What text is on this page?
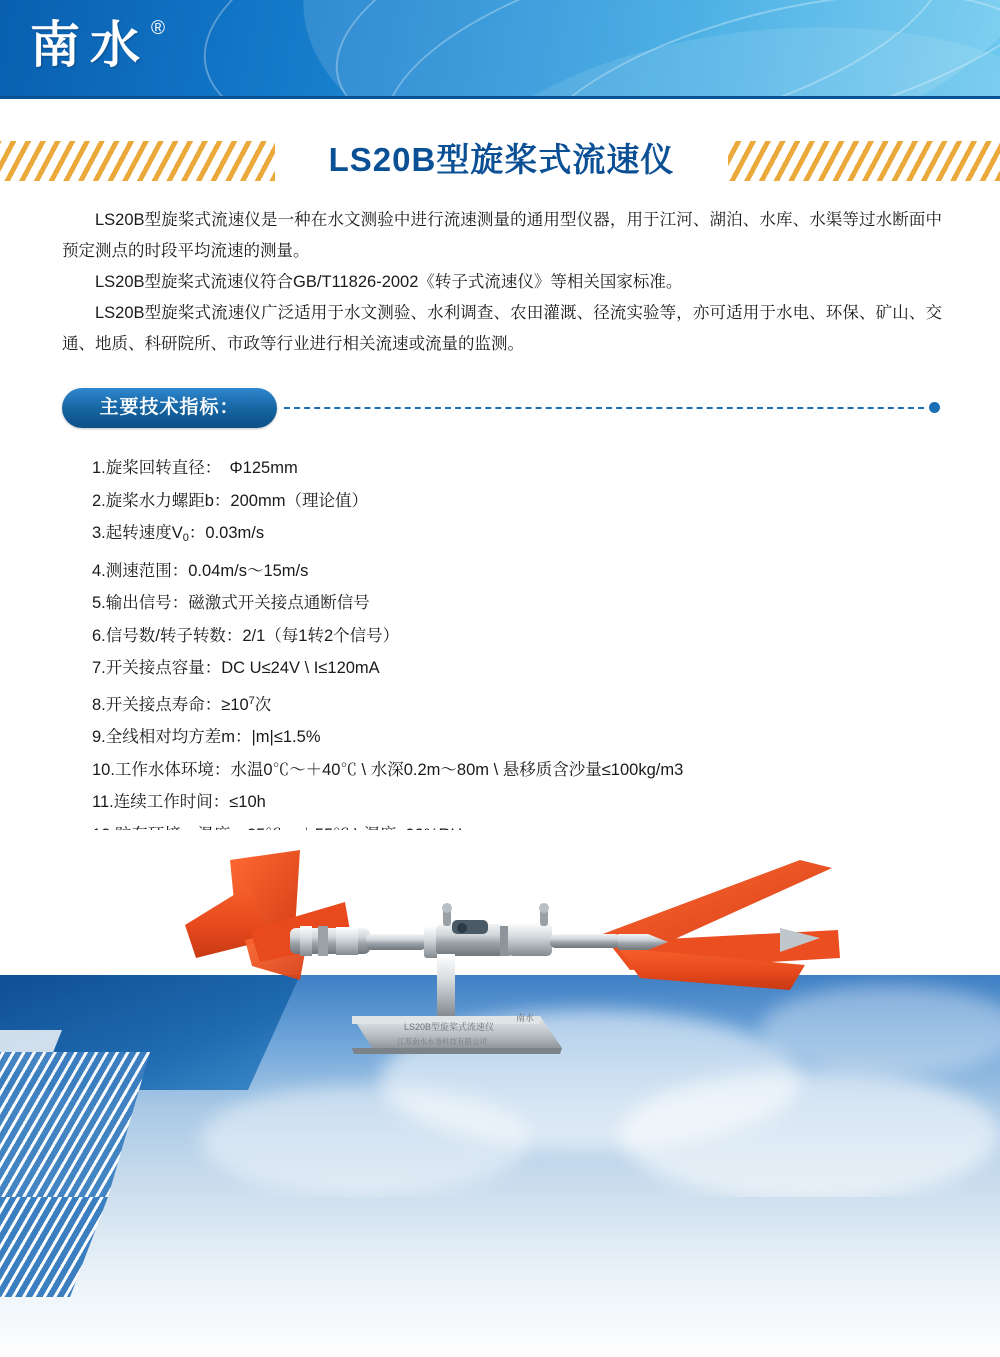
南水 ®
LS20B型旋桨式流速仪

LS20B型旋桨式流速仪是一种在水文测验中进行流速测量的通用型仪器，用于江河、湖泊、水库、水渠等过水断面中预定测点的时段平均流速的测量。

LS20B型旋桨式流速仪符合GB/T11826-2002《转子式流速仪》等相关国家标准。

LS20B型旋桨式流速仪广泛适用于水文测验、水利调查、农田灌溉、径流实验等，亦可适用于水电、环保、矿山、交通、地质、科研院所、市政等行业进行相关流速或流量的监测。

主要技术指标：
1.旋桨回转直径：　Φ125mm
2.旋桨水力螺距b：200mm（理论值）
3.起转速度$V_0$：0.03m/s
4.测速范围：0.04m/s～15m/s
5.输出信号：磁激式开关接点通断信号
6.信号数/转子转数：2/1（每1转2个信号）
7.开关接点容量：DC U≤24V \ I≤120mA
8.开关接点寿命：$\ge 10^7$次
9.全线相对均方差m：|m|≤1.5%
10.工作水体环境：水温0℃～＋40℃ \ 水深0.2m～80m \ 悬移质含沙量≤100kg/m3
11.连续工作时间：≤10h
LS20B型旋桨式流速仪
南水
江苏南水水务科技有限公司
